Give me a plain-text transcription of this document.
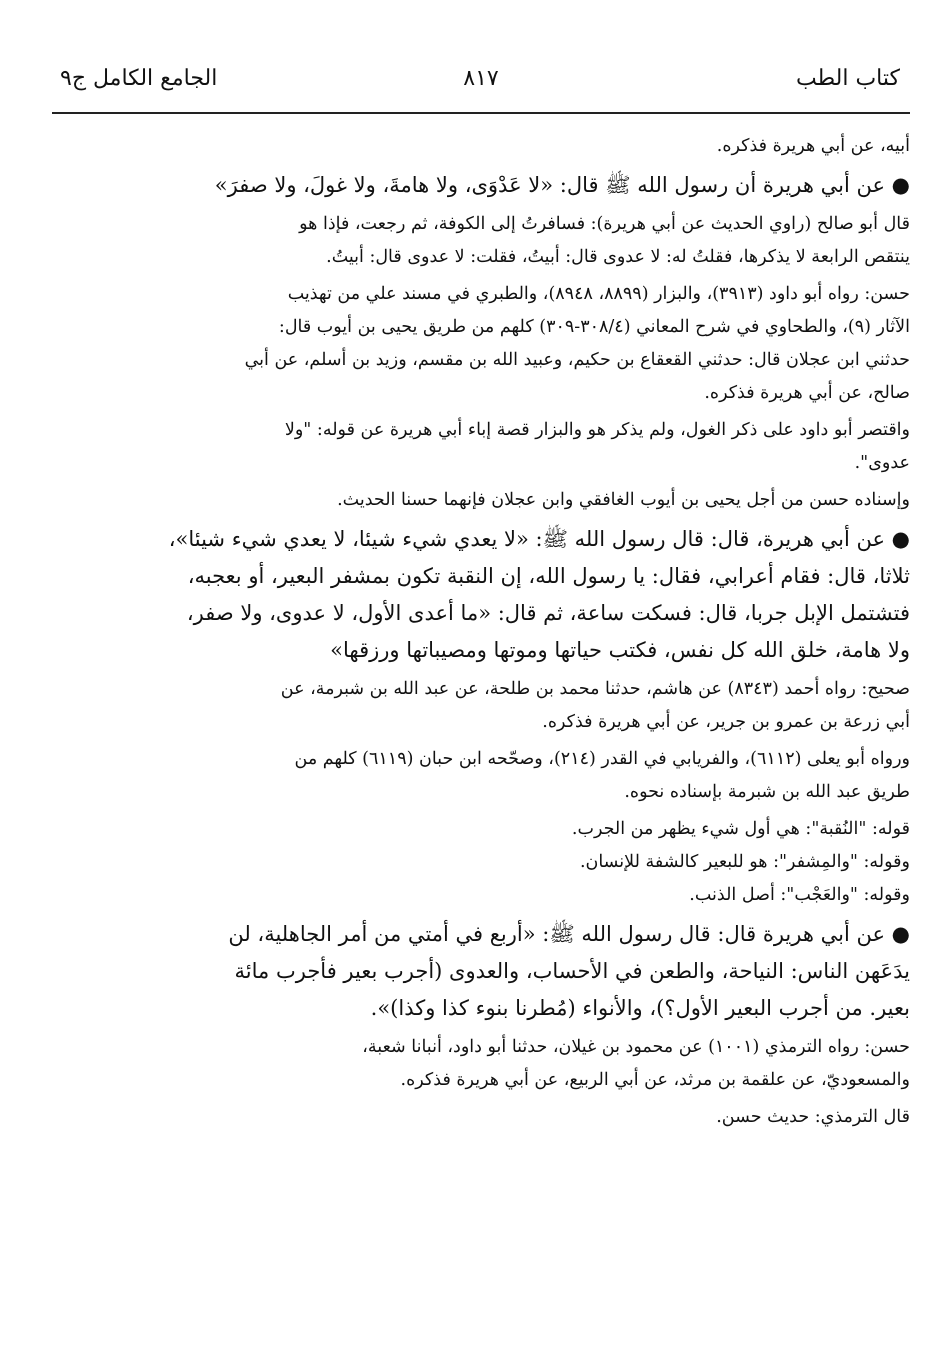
كتاب الطب
٨١٧
الجامع الكامل ج٩
أبيه، عن أبي هريرة فذكره.
● عن أبي هريرة أن رسول الله ﷺ قال: «لا عَدْوَى، ولا هامةَ، ولا غولَ، ولا صفرَ»
قال أبو صالح (راوي الحديث عن أبي هريرة): فسافرتُ إلى الكوفة، ثم رجعت، فإذا هو
ينتقص الرابعة لا يذكرها، فقلتُ له: لا عدوى قال: أبيتُ، فقلت: لا عدوى قال: أبيتُ.
حسن: رواه أبو داود (٣٩١٣)، والبزار (٨٨٩٩، ٨٩٤٨)، والطبري في مسند علي من تهذيب
الآثار (٩)، والطحاوي في شرح المعاني (٣٠٨/٤-٣٠٩) كلهم من طريق يحيى بن أيوب قال:
حدثني ابن عجلان قال: حدثني القعقاع بن حكيم، وعبيد الله بن مقسم، وزيد بن أسلم، عن أبي
صالح، عن أبي هريرة فذكره.
واقتصر أبو داود على ذكر الغول، ولم يذكر هو والبزار قصة إباء أبي هريرة عن قوله: "ولا
عدوى".
وإسناده حسن من أجل يحيى بن أيوب الغافقي وابن عجلان فإنهما حسنا الحديث.
● عن أبي هريرة، قال: قال رسول الله ﷺ: «لا يعدي شيء شيئا، لا يعدي شيء شيئا»،
ثلاثا، قال: فقام أعرابي، فقال: يا رسول الله، إن النقبة تكون بمشفر البعير، أو بعجبه،
فتشتمل الإبل جربا، قال: فسكت ساعة، ثم قال: «ما أعدى الأول، لا عدوى، ولا صفر،
ولا هامة، خلق الله كل نفس، فكتب حياتها وموتها ومصيباتها ورزقها»
صحيح: رواه أحمد (٨٣٤٣) عن هاشم، حدثنا محمد بن طلحة، عن عبد الله بن شبرمة، عن
أبي زرعة بن عمرو بن جرير، عن أبي هريرة فذكره.
ورواه أبو يعلى (٦١١٢)، والفريابي في القدر (٢١٤)، وصحّحه ابن حبان (٦١١٩) كلهم من
طريق عبد الله بن شبرمة بإسناده نحوه.
قوله: "النُقبة": هي أول شيء يظهر من الجرب.
وقوله: "والمِشفر": هو للبعير كالشفة للإنسان.
وقوله: "والعَجْب": أصل الذنب.
● عن أبي هريرة قال: قال رسول الله ﷺ: «أربع في أمتي من أمر الجاهلية، لن
يدَعَهن الناس: النياحة، والطعن في الأحساب، والعدوى (أجرب بعير فأجرب مائة
بعير. من أجرب البعير الأول؟)، والأنواء (مُطرنا بنوء كذا وكذا)».
حسن: رواه الترمذي (١٠٠١) عن محمود بن غيلان، حدثنا أبو داود، أنبانا شعبة،
والمسعوديّ، عن علقمة بن مرثد، عن أبي الربيع، عن أبي هريرة فذكره.
قال الترمذي: حديث حسن.
